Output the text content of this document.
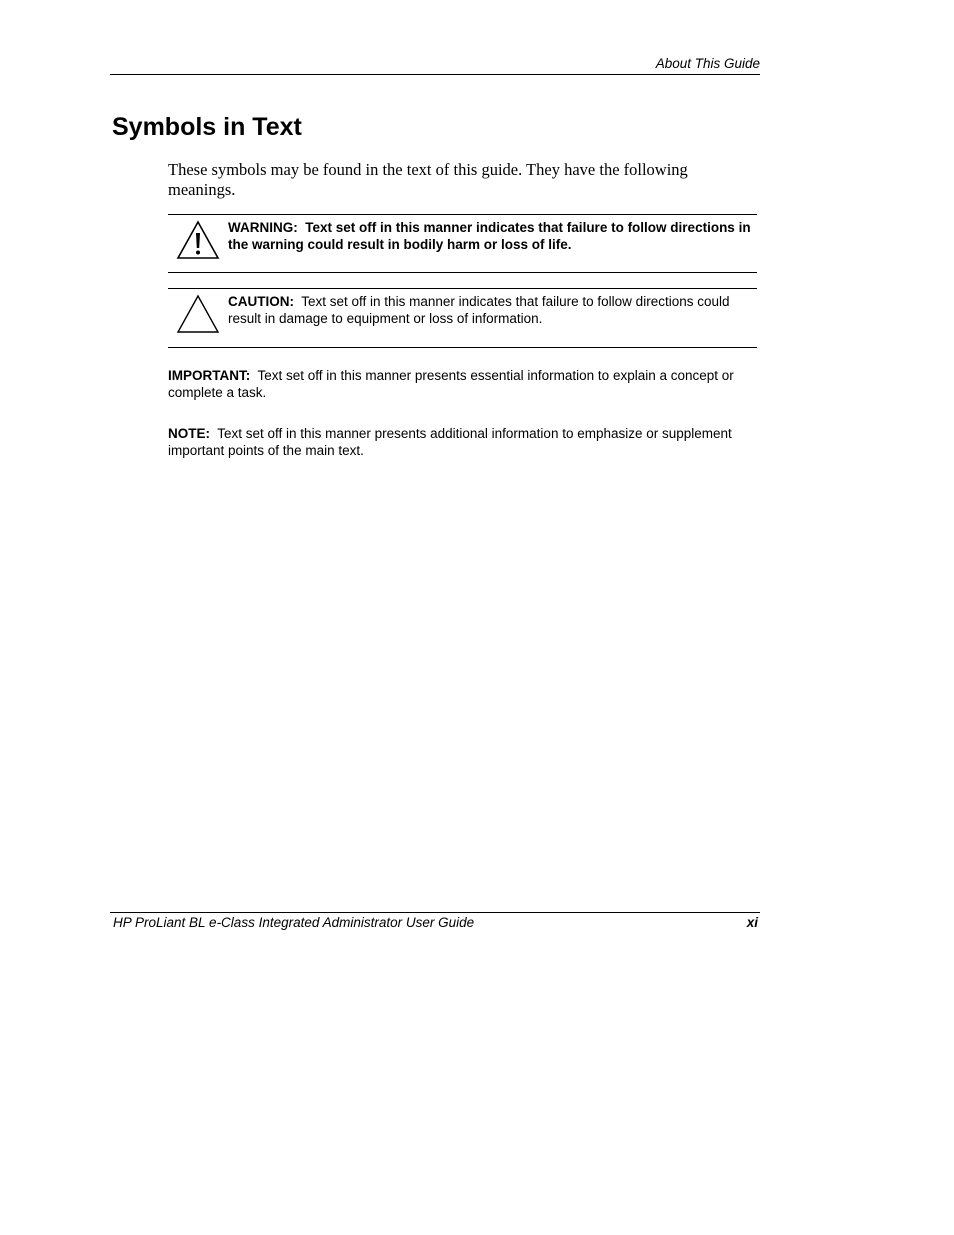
About This Guide
Symbols in Text

These symbols may be found in the text of this guide. They have the following meanings.

WARNING: Text set off in this manner indicates that failure to follow directions in the warning could result in bodily harm or loss of life.
CAUTION: Text set off in this manner indicates that failure to follow directions could result in damage to equipment or loss of information.

IMPORTANT: Text set off in this manner presents essential information to explain a concept or complete a task.

NOTE: Text set off in this manner presents additional information to emphasize or supplement important points of the main text.

HP ProLiant BL e-Class Integrated Administrator User Guide	xi
